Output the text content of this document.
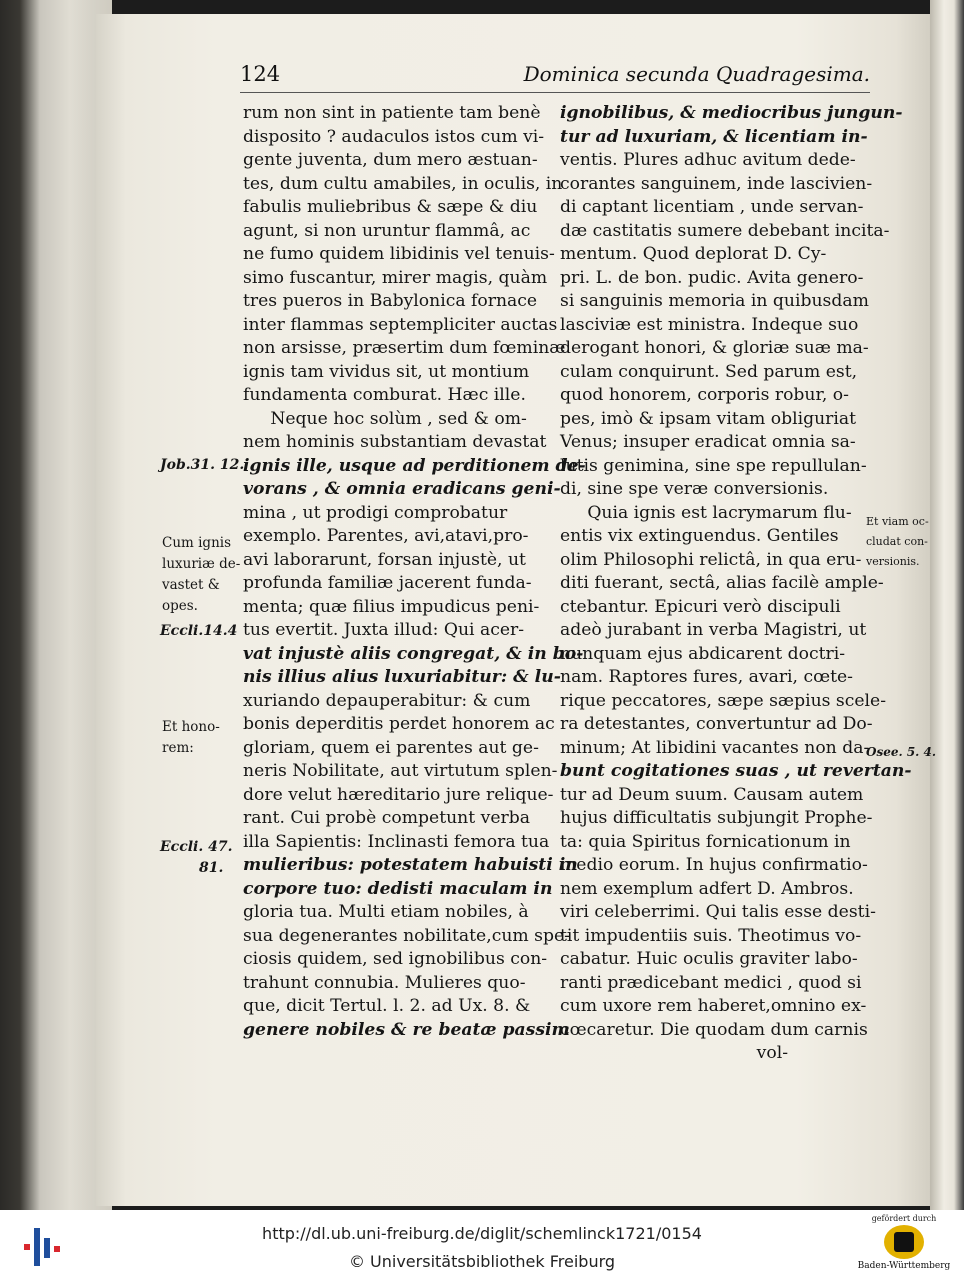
124	Dominica secunda Quadragesima.
rum non sint in patiente tam benè
disposito ? audaculos istos cum vi-
gente juventa, dum mero æstuan-
tes, dum cultu amabiles, in oculis, in
fabulis muliebribus & sæpe & diu
agunt, si non uruntur flammâ, ac
ne fumo quidem libidinis vel tenuis-
simo fuscantur, mirer magis, quàm
tres pueros in Babylonica fornace
inter flammas septempliciter auctas
non arsisse, præsertim dum fœminæ
ignis tam vividus sit, ut montium
fundamenta comburat. Hæc ille.
Neque hoc solùm , sed & om-
nem hominis substantiam devastat
ignis ille, usque ad perditionem de-
vorans , & omnia eradicans geni-
mina , ut prodigi comprobatur
exemplo. Parentes, avi,atavi,pro-
avi laborarunt, forsan injustè, ut
profunda familiæ jacerent funda-
menta; quæ filius impudicus peni-
tus evertit. Juxta illud: Qui acer-
vat injustè aliis congregat, & in bo-
nis illius alius luxuriabitur: & lu-
xuriando depauperabitur: & cum
bonis deperditis perdet honorem ac
gloriam, quem ei parentes aut ge-
neris Nobilitate, aut virtutum splen-
dore velut hæreditario jure relique-
rant. Cui probè competunt verba
illa Sapientis: Inclinasti femora tua
mulieribus: potestatem habuisti in
corpore tuo: dedisti maculam in
gloria tua. Multi etiam nobiles, à
sua degenerantes nobilitate,cum spe-
ciosis quidem, sed ignobilibus con-
trahunt connubia. Mulieres quo-
que, dicit Tertul. l. 2. ad Ux. 8. &
genere nobiles & re beatæ passim
ignobilibus, & mediocribus jungun-
tur ad luxuriam, & licentiam in-
ventis. Plures adhuc avitum dede-
corantes sanguinem, inde lascivien-
di captant licentiam , unde servan-
dæ castitatis sumere debebant incita-
mentum. Quod deplorat D. Cy-
pri. L. de bon. pudic. Avita genero-
si sanguinis memoria in quibusdam
lasciviæ est ministra. Indeque suo
derogant honori, & gloriæ suæ ma-
culam conquirunt. Sed parum est,
quod honorem, corporis robur, o-
pes, imò & ipsam vitam obliguriat
Venus; insuper eradicat omnia sa-
lutis genimina, sine spe repullulan-
di, sine spe veræ conversionis.
Quia ignis est lacrymarum flu-
entis vix extinguendus. Gentiles
olim Philosophi relictâ, in qua eru-
diti fuerant, sectâ, alias facilè ample-
ctebantur. Epicuri verò discipuli
adeò jurabant in verba Magistri, ut
nunquam ejus abdicarent doctri-
nam. Raptores fures, avari, cœte-
rique peccatores, sæpe sæpius scele-
ra detestantes, convertuntur ad Do-
minum; At libidini vacantes non da-
bunt cogitationes suas , ut revertan-
tur ad Deum suum. Causam autem
hujus difficultatis subjungit Prophe-
ta: quia Spiritus fornicationum in
medio eorum. In hujus confirmatio-
nem exemplum adfert D. Ambros.
viri celeberrimi. Qui talis esse desti-
tit impudentiis suis. Theotimus vo-
cabatur. Huic oculis graviter labo-
ranti prædicebant medici , quod si
cum uxore rem haberet,omnino ex-
cœcaretur. Die quodam dum carnis
vol-
Job.31. 12.
Cum ignis
luxuriæ de-
vastet &
opes.
Eccli.14.4
Et hono-
rem:
Eccli. 47.
81.
Et viam oc-
cludat con-
versionis.
Osee. 5. 4.
http://dl.ub.uni-freiburg.de/diglit/schemlinck1721/0154
© Universitätsbibliothek Freiburg
gefördert durch
Baden-Württemberg
